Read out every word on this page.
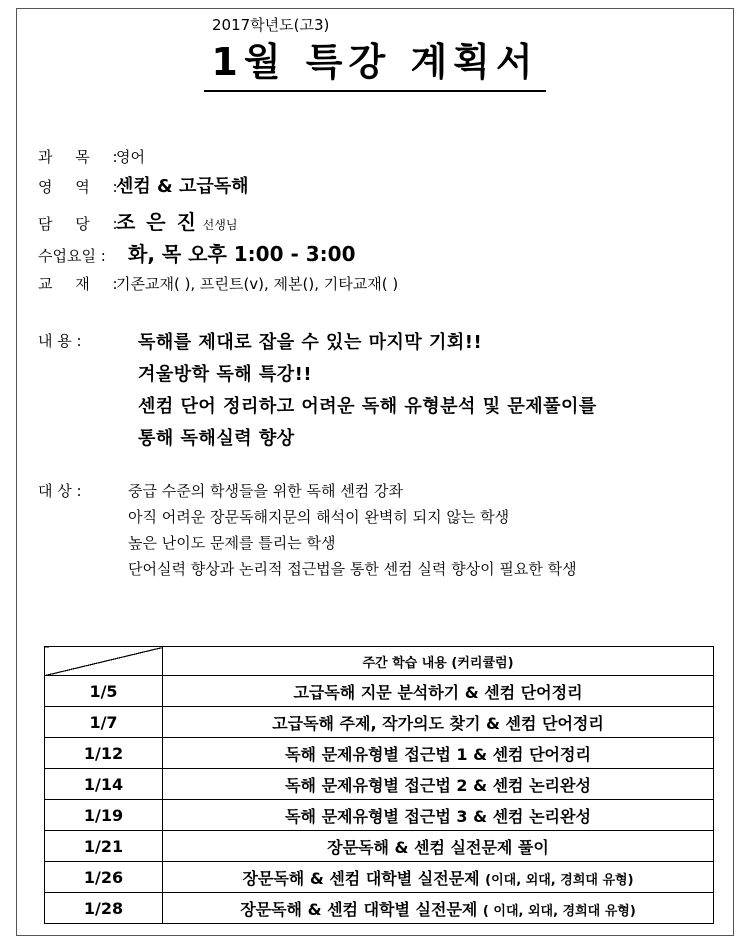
2017학년도(고3)
1월 특강 계획서
과 목 :영어
영 역 :센컴 & 고급독해
담 당 :조 은 진 선생님
수업요일 : 화, 목 오후 1:00 - 3:00
교 재 :기존교재( ), 프린트(v), 제본(), 기타교재( )
내 용 :	독해를 제대로 잡을 수 있는 마지막 기회!!
겨울방학 독해 특강!!
센컴 단어 정리하고 어려운 독해 유형분석 및 문제풀이를
통해 독해실력 향상
대 상 :	중급 수준의 학생들을 위한 독해 센컴 강좌
아직 어려운 장문독해지문의 해석이 완벽히 되지 않는 학생
높은 난이도 문제를 틀리는 학생
단어실력 향상과 논리적 접근법을 통한 센컴 실력 향상이 필요한 학생
	주간 학습 내용 (커리큘럼)
1/5	고급독해 지문 분석하기 & 센컴 단어정리
1/7	고급독해 주제, 작가의도 찾기 & 센컴 단어정리
1/12	독해 문제유형별 접근법 1 & 센컴 단어정리
1/14	독해 문제유형별 접근법 2 & 센컴 논리완성
1/19	독해 문제유형별 접근법 3 & 센컴 논리완성
1/21	장문독해 & 센컴 실전문제 풀이
1/26	장문독해 & 센컴 대학별 실전문제 (이대, 외대, 경희대 유형)
1/28	장문독해 & 센컴 대학별 실전문제 ( 이대, 외대, 경희대 유형)
